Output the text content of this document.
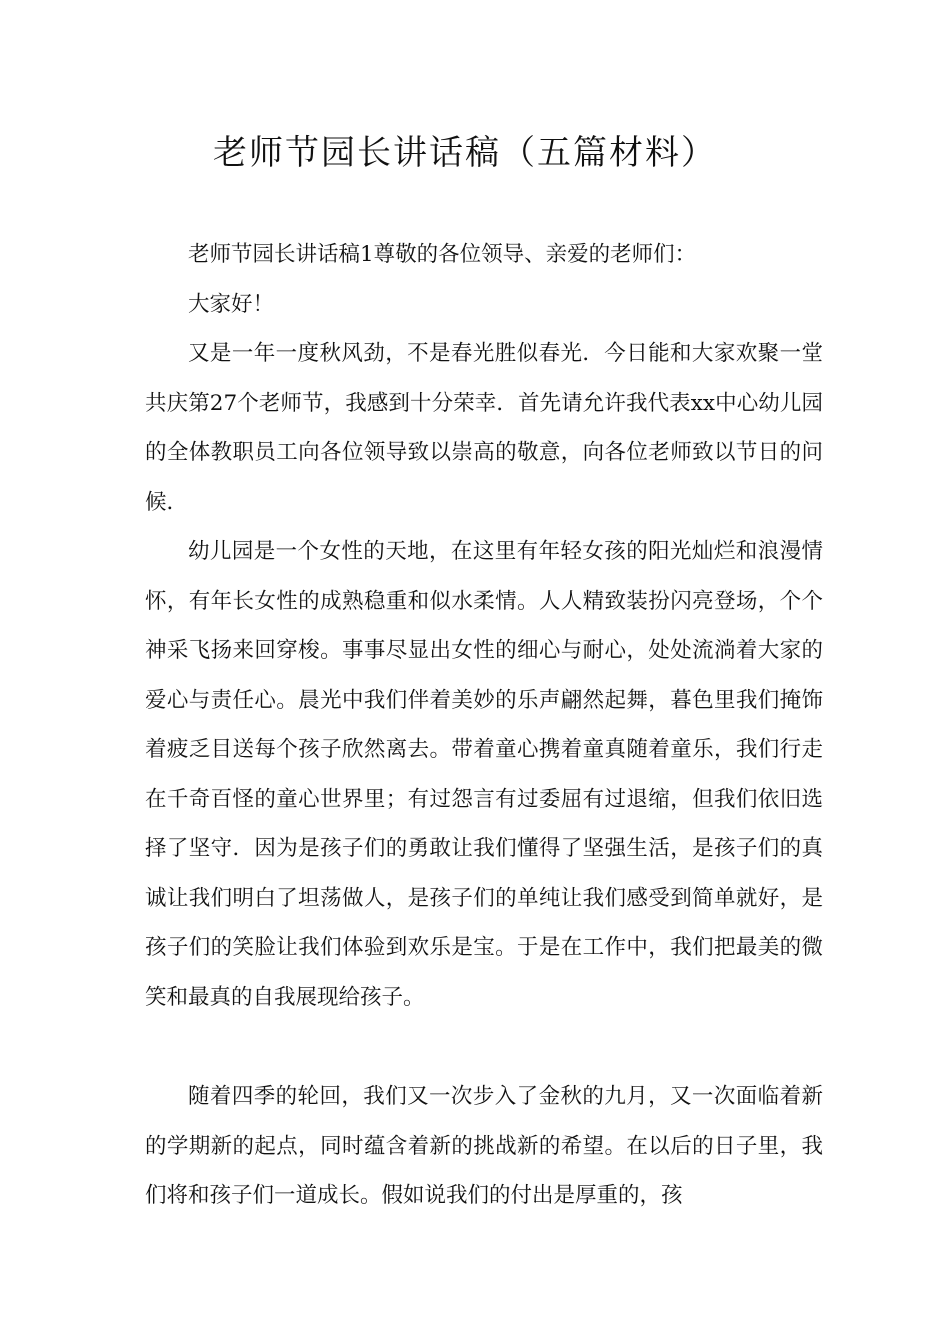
老师节园长讲话稿（五篇材料）

老师节园长讲话稿1尊敬的各位领导、亲爱的老师们：

大家好！

又是一年一度秋风劲，不是春光胜似春光．今日能和大家欢聚一堂共庆第27个老师节，我感到十分荣幸．首先请允许我代表xx中心幼儿园的全体教职员工向各位领导致以崇高的敬意，向各位老师致以节日的问候．

幼儿园是一个女性的天地，在这里有年轻女孩的阳光灿烂和浪漫情怀，有年长女性的成熟稳重和似水柔情。人人精致装扮闪亮登场，个个神采飞扬来回穿梭。事事尽显出女性的细心与耐心，处处流淌着大家的爱心与责任心。晨光中我们伴着美妙的乐声翩然起舞，暮色里我们掩饰着疲乏目送每个孩子欣然离去。带着童心携着童真随着童乐，我们行走在千奇百怪的童心世界里；有过怨言有过委屈有过退缩，但我们依旧选择了坚守．因为是孩子们的勇敢让我们懂得了坚强生活，是孩子们的真诚让我们明白了坦荡做人，是孩子们的单纯让我们感受到简单就好，是孩子们的笑脸让我们体验到欢乐是宝。于是在工作中，我们把最美的微笑和最真的自我展现给孩子。

随着四季的轮回，我们又一次步入了金秋的九月，又一次面临着新的学期新的起点，同时蕴含着新的挑战新的希望。在以后的日子里，我们将和孩子们一道成长。假如说我们的付出是厚重的，孩
